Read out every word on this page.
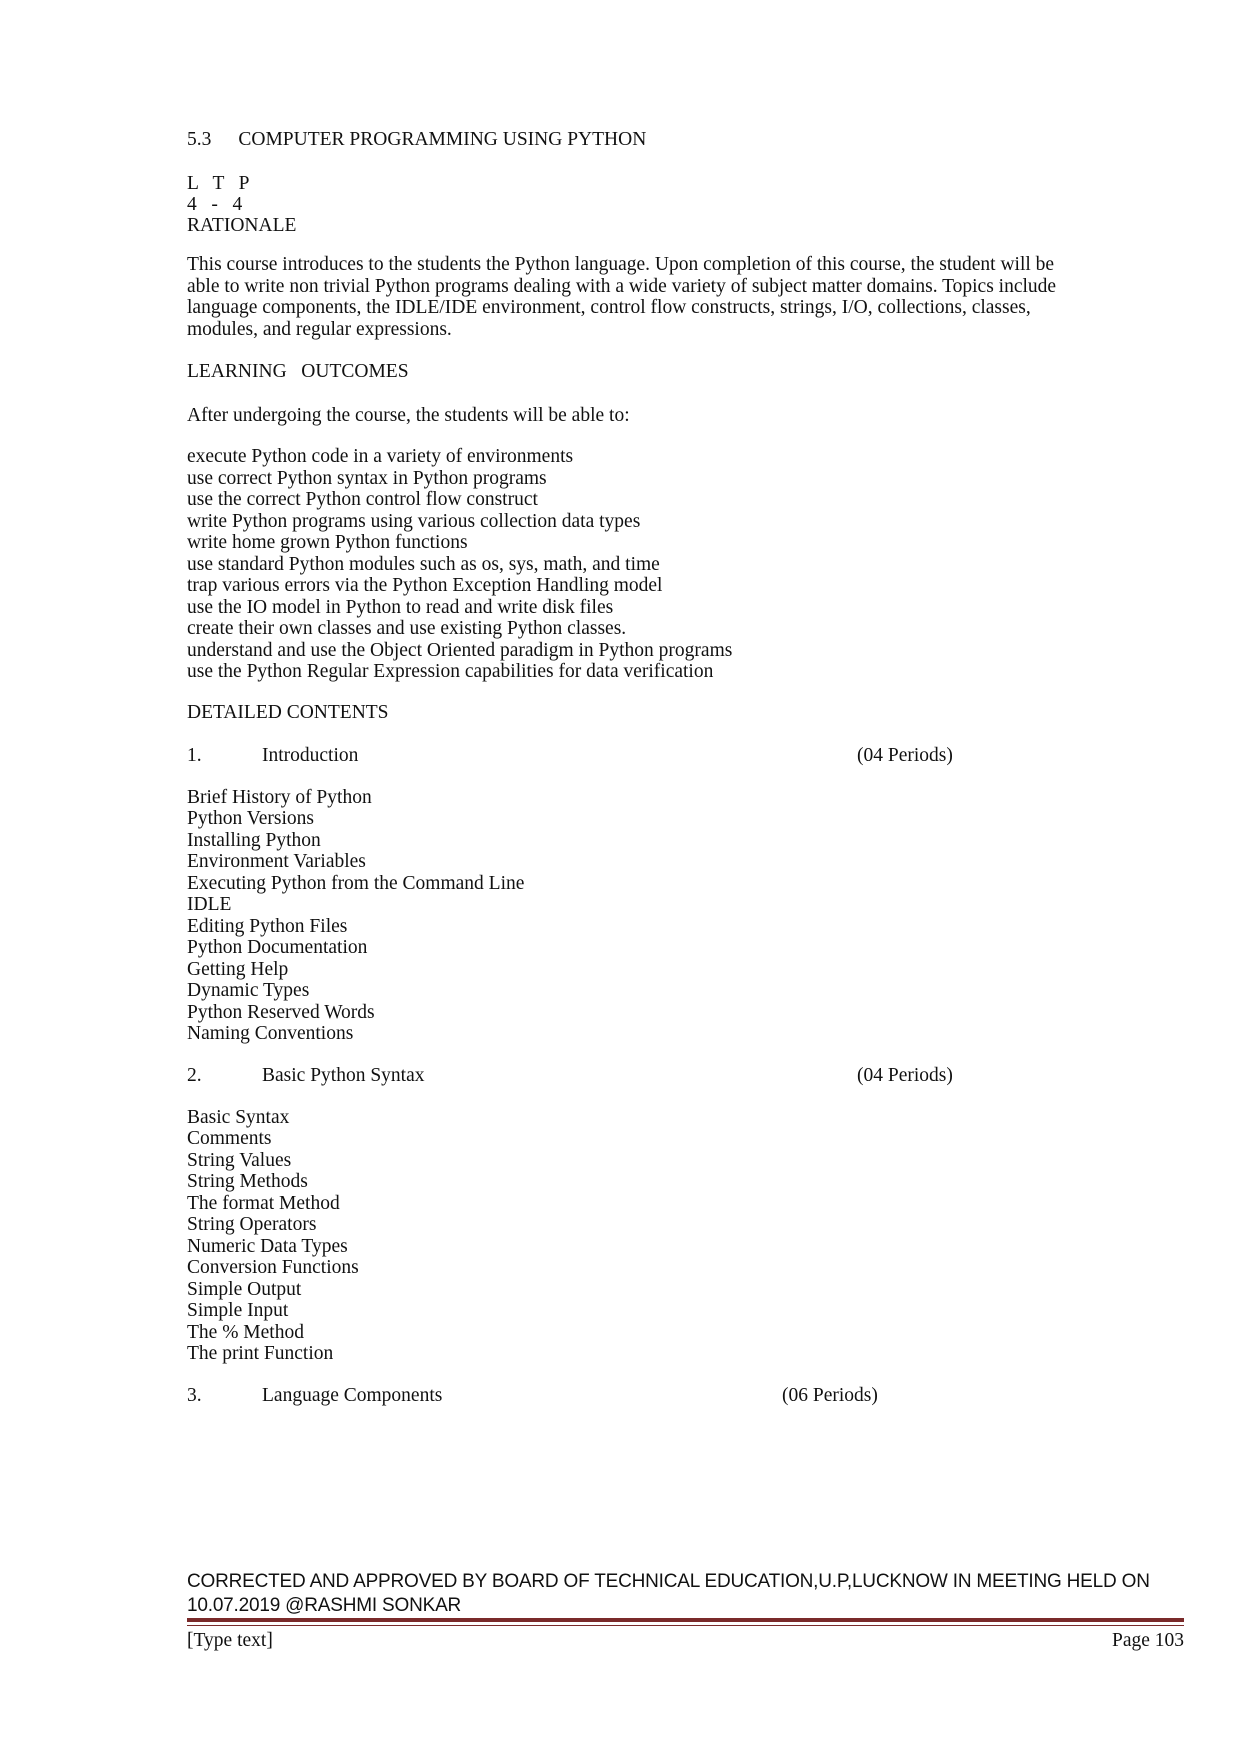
5.3 COMPUTER PROGRAMMING USING PYTHON
L   T   P
4   -   4
RATIONALE
This course introduces to the students the Python language. Upon completion of this course, the student will be able to write non trivial Python programs dealing with a wide variety of subject matter domains. Topics include language components, the IDLE/IDE environment, control flow constructs, strings, I/O, collections, classes, modules, and regular expressions.
LEARNING   OUTCOMES
After undergoing the course, the students will be able to:
execute Python code in a variety of environments
use correct Python syntax in Python programs
use the correct Python control flow construct
write Python programs using various collection data types
write home grown Python functions
use standard Python modules such as os, sys, math, and time
trap various errors via the Python Exception Handling model
use the IO model in Python to read and write disk files
create their own classes and use existing Python classes.
understand and use the Object Oriented paradigm in Python programs
use the Python Regular Expression capabilities for data verification
DETAILED CONTENTS
1.	Introduction	(04 Periods)
Brief History of Python
Python Versions
Installing Python
Environment Variables
Executing Python from the Command Line
IDLE
Editing Python Files
Python Documentation
Getting Help
Dynamic Types
Python Reserved Words
Naming Conventions
2.	Basic Python Syntax	(04 Periods)
Basic Syntax
Comments
String Values
String Methods
The format Method
String Operators
Numeric Data Types
Conversion Functions
Simple Output
Simple Input
The % Method
The print Function
3.	Language Components	(06 Periods)
CORRECTED AND APPROVED BY BOARD OF TECHNICAL EDUCATION,U.P,LUCKNOW IN MEETING HELD ON
10.07.2019 @RASHMI SONKAR
[Type text]	Page 103
